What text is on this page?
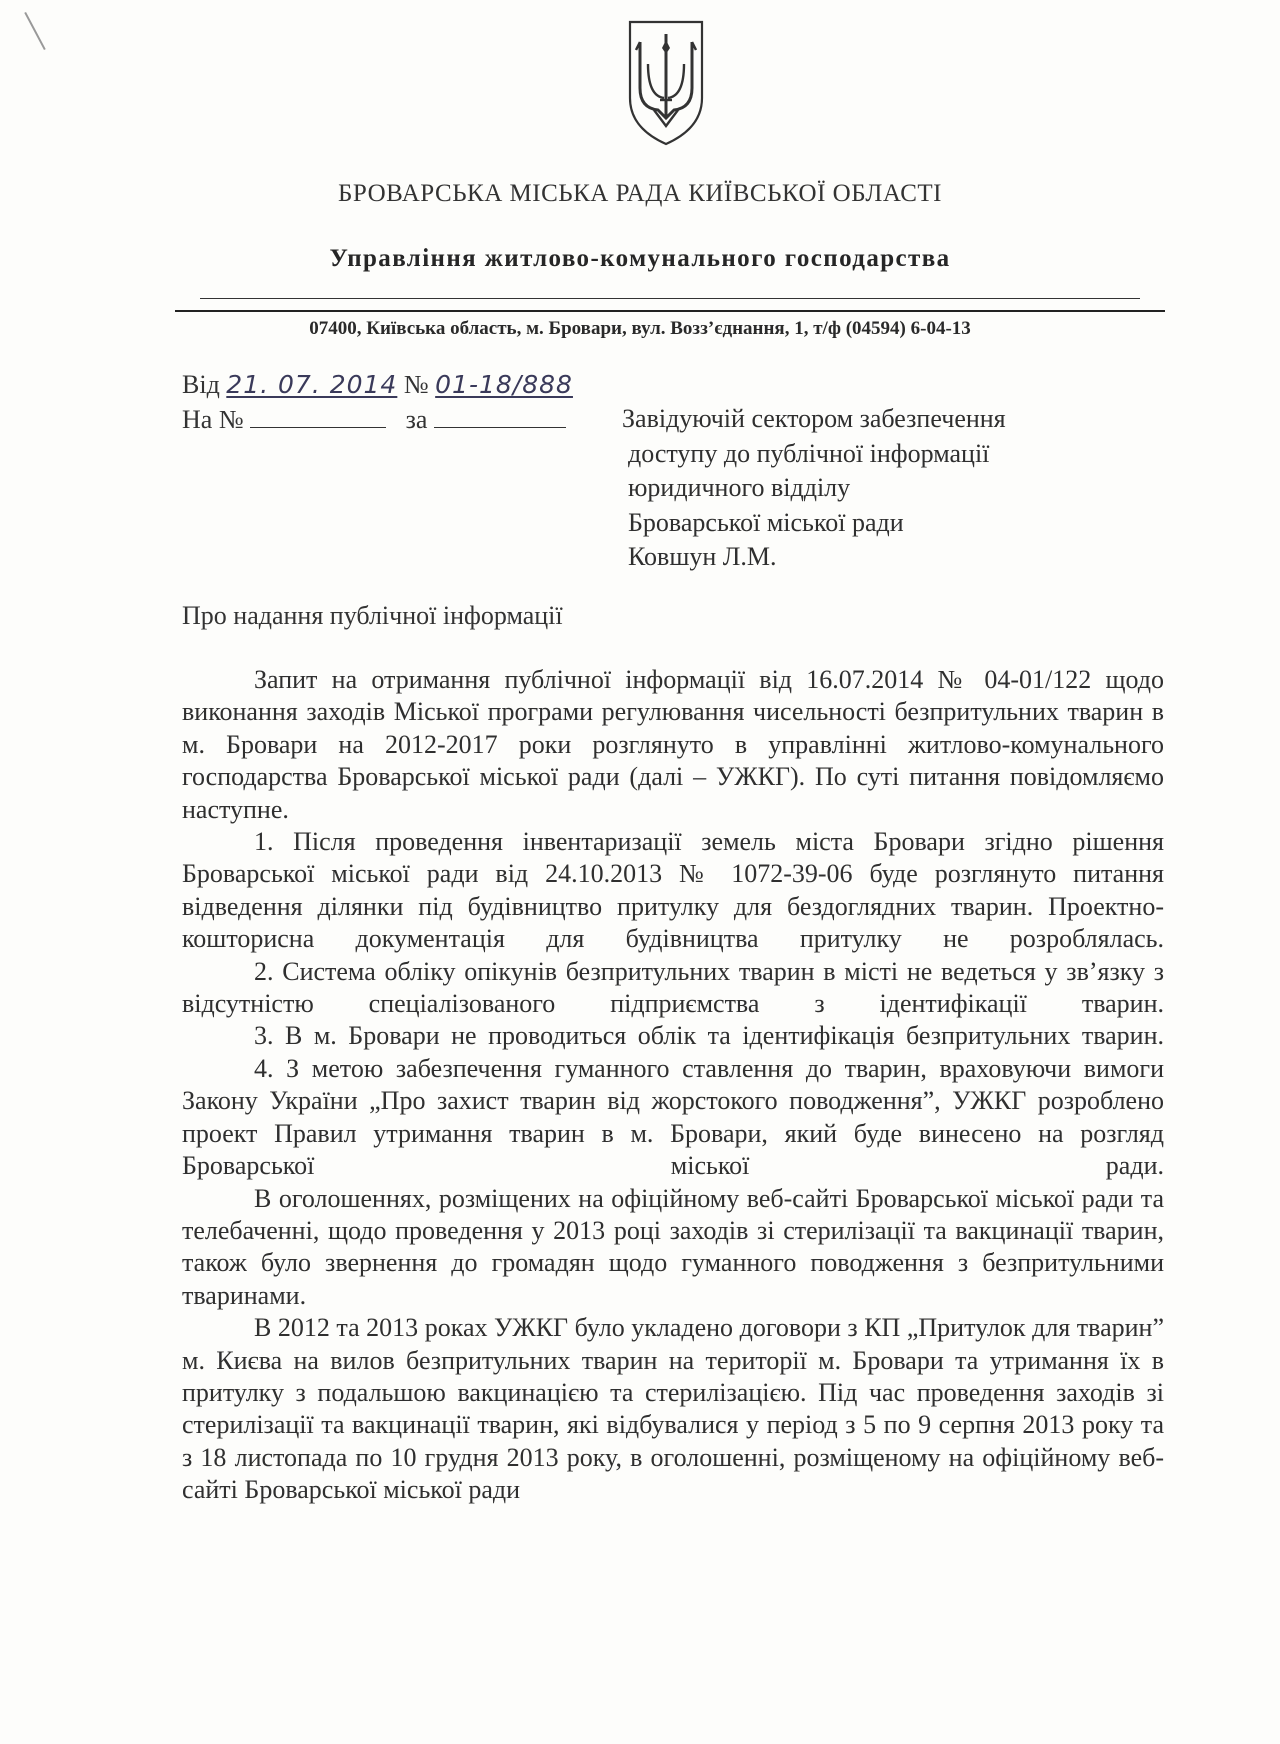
БРОВАРСЬКА МІСЬКА РАДА КИЇВСЬКОЇ ОБЛАСТІ
Управління житлово-комунального господарства
07400, Київська область, м. Бровари, вул. Возз’єднання, 1, т/ф (04594) 6-04-13
Від 21. 07. 2014 № 01-18/888
На №	за	Завідуючій сектором забезпечення
доступу до публічної інформації
юридичного відділу
Броварської міської ради
Ковшун Л.М.
Про надання публічної інформації

Запит на отримання публічної інформації від 16.07.2014 № 04-01/122 щодо виконання заходів Міської програми регулювання чисельності безпритульних тварин в м. Бровари на 2012-2017 роки розглянуто в управлінні житлово-комунального господарства Броварської міської ради (далі – УЖКГ). По суті питання повідомляємо наступне.

1. Після проведення інвентаризації земель міста Бровари згідно рішення Броварської міської ради від 24.10.2013 № 1072-39-06 буде розглянуто питання відведення ділянки під будівництво притулку для бездоглядних тварин. Проектно-кошторисна документація для будівництва притулку не розроблялась.

2. Система обліку опікунів безпритульних тварин в місті не ведеться у зв’язку з відсутністю спеціалізованого підприємства з ідентифікації тварин.

3. В м. Бровари не проводиться облік та ідентифікація безпритульних тварин.

4. З метою забезпечення гуманного ставлення до тварин, враховуючи вимоги Закону України „Про захист тварин від жорстокого поводження”, УЖКГ розроблено проект Правил утримання тварин в м. Бровари, який буде винесено на розгляд Броварської міської ради.

В оголошеннях, розміщених на офіційному веб-сайті Броварської міської ради та телебаченні, щодо проведення у 2013 році заходів зі стерилізації та вакцинації тварин, також було звернення до громадян щодо гуманного поводження з безпритульними тваринами.

В 2012 та 2013 роках УЖКГ було укладено договори з КП „Притулок для тварин” м. Києва на вилов безпритульних тварин на території м. Бровари та утримання їх в притулку з подальшою вакцинацією та стерилізацією. Під час проведення заходів зі стерилізації та вакцинації тварин, які відбувалися у період з 5 по 9 серпня 2013 року та з 18 листопада по 10 грудня 2013 року, в оголошенні, розміщеному на офіційному веб-сайті Броварської міської ради
